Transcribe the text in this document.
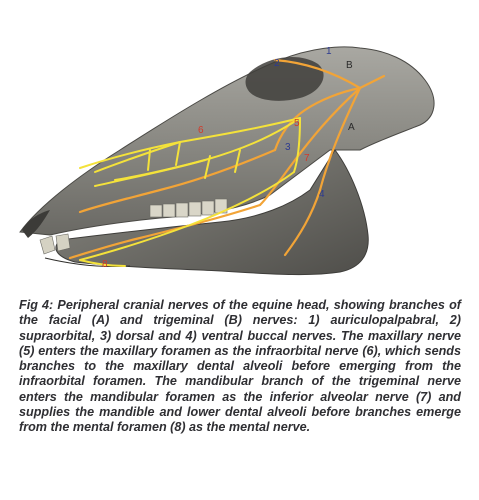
1
2	B
A
5
6
3
7
4
8

Fig 4: Peripheral cranial nerves of the equine head, showing branches of the facial (A) and trigeminal (B) nerves: 1) auriculopalpabral, 2) supraorbital, 3) dorsal and 4) ventral buccal nerves. The maxillary nerve (5) enters the maxillary foramen as the infraorbital nerve (6), which sends branches to the maxillary dental alveoli before emerging from the infraorbital foramen. The mandibular branch of the trigeminal nerve enters the mandibular foramen as the inferior alveolar nerve (7) and supplies the mandible and lower dental alveoli before branches emerge from the mental foramen (8) as the mental nerve.
